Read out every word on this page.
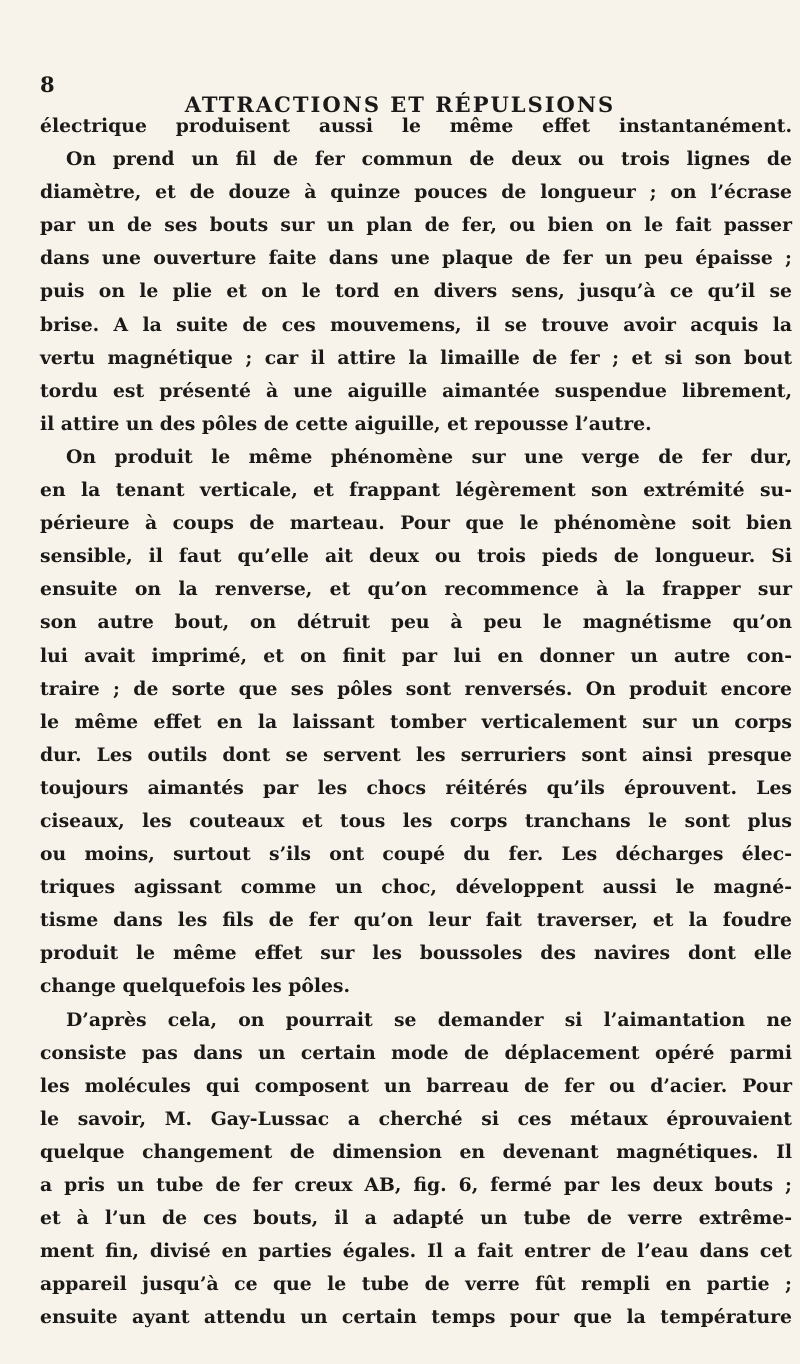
8
ATTRACTIONS ET RÉPULSIONS
électrique produisent aussi le même effet instantanément.
On prend un fil de fer commun de deux ou trois lignes de
diamètre, et de douze à quinze pouces de longueur ; on l’écrase
par un de ses bouts sur un plan de fer, ou bien on le fait passer
dans une ouverture faite dans une plaque de fer un peu épaisse ;
puis on le plie et on le tord en divers sens, jusqu’à ce qu’il se
brise. A la suite de ces mouvemens, il se trouve avoir acquis la
vertu magnétique ; car il attire la limaille de fer ; et si son bout
tordu est présenté à une aiguille aimantée suspendue librement,
il attire un des pôles de cette aiguille, et repousse l’autre.
On produit le même phénomène sur une verge de fer dur,
en la tenant verticale, et frappant légèrement son extrémité su-
périeure à coups de marteau. Pour que le phénomène soit bien
sensible, il faut qu’elle ait deux ou trois pieds de longueur. Si
ensuite on la renverse, et qu’on recommence à la frapper sur
son autre bout, on détruit peu à peu le magnétisme qu’on
lui avait imprimé, et on finit par lui en donner un autre con-
traire ; de sorte que ses pôles sont renversés. On produit encore
le même effet en la laissant tomber verticalement sur un corps
dur. Les outils dont se servent les serruriers sont ainsi presque
toujours aimantés par les chocs réitérés qu’ils éprouvent. Les
ciseaux, les couteaux et tous les corps tranchans le sont plus
ou moins, surtout s’ils ont coupé du fer. Les décharges élec-
triques agissant comme un choc, développent aussi le magné-
tisme dans les fils de fer qu’on leur fait traverser, et la foudre
produit le même effet sur les boussoles des navires dont elle
change quelquefois les pôles.
D’après cela, on pourrait se demander si l’aimantation ne
consiste pas dans un certain mode de déplacement opéré parmi
les molécules qui composent un barreau de fer ou d’acier. Pour
le savoir, M. Gay-Lussac a cherché si ces métaux éprouvaient
quelque changement de dimension en devenant magnétiques. Il
a pris un tube de fer creux AB, fig. 6, fermé par les deux bouts ;
et à l’un de ces bouts, il a adapté un tube de verre extrême-
ment fin, divisé en parties égales. Il a fait entrer de l’eau dans cet
appareil jusqu’à ce que le tube de verre fût rempli en partie ;
ensuite ayant attendu un certain temps pour que la température
